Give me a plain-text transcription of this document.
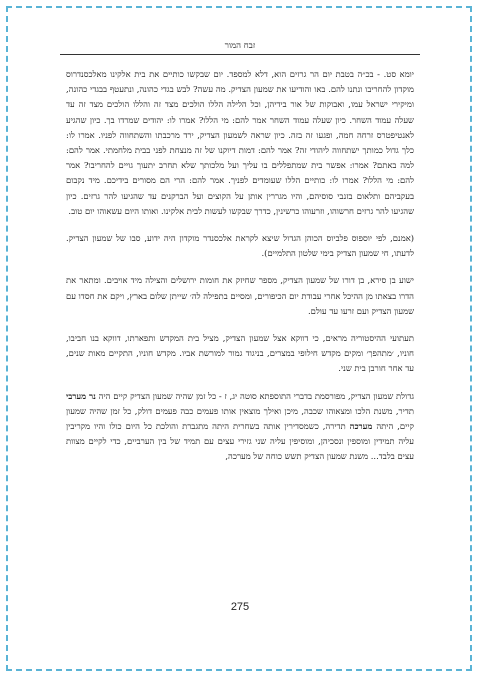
זבח המור

יומא סט. - בכ״ה בטבת יום הר גרזים הוא, דלא למספד. יום שבקשו כותיים את בית אלקינו מאלכסנדרוס מוקדון להחריבו ונתנו להם. באו והודיעו את שמעון הצדיק. מה עשה? לבש בגדי כהונה, ונתעטף בבגדי כהונה, ומיקירי ישראל עמו, ואבוקות של אור בידיהן, וכל הלילה הללו הולכים מצד זה והללו הולכים מצד זה עד שעלה עמוד השחר. כיון שעלה עמוד השחר אמר להם: מי הללו? אמרו לו: יהודים שמרדו בך. כיון שהגיע לאנטיפטרס זרחה חמה, ופגעו זה בזה. כיון שראה לשמעון הצדיק, ירד מרכבתו והשתחווה לפניו. אמרו לו: כלך גדול כמותך ישתחווה ליהודי זה? אמר להם: דמות דיוקנו של זה מנצחת לפני בבית מלחמתי. אמר להם: למה באתם? אמרו: אפשר בית שמתפללים בו עליך ועל מלכותך שלא תחרב יתעוך גויים להחריבו? אמר להם: מי הללו? אמרו לו: כותיים הללו שעומדים לפניך. אמר להם: הרי הם מסורים בידיכם. מיד נקבום בעקביהם ותלאום בזנבי סוסיהם, והיו מגררין אותן על הקוצים ועל הברקנים עד שהגיעו להר גרזים. כיון שהגיעו להר גרזים חרשוהו, וזרעוהו כרשינין, כדרך שבקשו לעשות לבית אלקינו. ואותו היום עשאוהו יום טוב.

(אמנם, לפי יוספוס פלביוס הכוהן הגדול שיצא לקראת אלכסנדר מוקדון היה ידוע, סבו של שמעון הצדיק. לדעתו, חי שמעון הצדיק בימי שלטון התלמיים).

ישוע בן סירא, בן דורו של שמעון הצדיק, מספר שחיזק את חומות ירושלים והצילה מיד אויבים. ומתאר את הדרו בצאתו מן ההיכל אחרי עבודת יום הכיפורים, ומסיים בתפילה לה׳ שייתן שלום בארץ, ויקם את חסדו עם שמעון הצדיק ועם זרעו עד עולם.

תעתועי ההיסטוריה מראים, כי דווקא אצל שמעון הצדיק, מציל בית המקדש ותפארתו, דווקא בנו חביבו, חוניו, ׳מתהפך׳ ומקים מקדש חילופי במצרים, בניגוד גמור למורשת אביו. מקדש חוניו, התקיים מאות שנים, עד אחר חורבן בית שני.

גדולת שמעון הצדיק, מפורסמת בדברי התוספתא סוטה יג, ז - כל זמן שהיה שמעון הצדיק קיים היה נר מערבי תדיר, משנת הלכו ומצאוהו שכבה, מיכן ואילך מוצאין אותו פעמים כבה פעמים דולק, כל זמן שהיה שמעון קיים, היתה מערכה תדירה, כשמסדירין אותה בשחרית היתה מתגברת והולכת כל היום כולו והיו מקריבין עליה תמידין ומוספין ונסכיהן, ומוסיפין עליה שני גזירי עצים עם תמיד של בין הערביים, כדי לקיים מצוות עצים בלבד... משנת שמעון הצדיק תשש כוחה של מערכה,

275
